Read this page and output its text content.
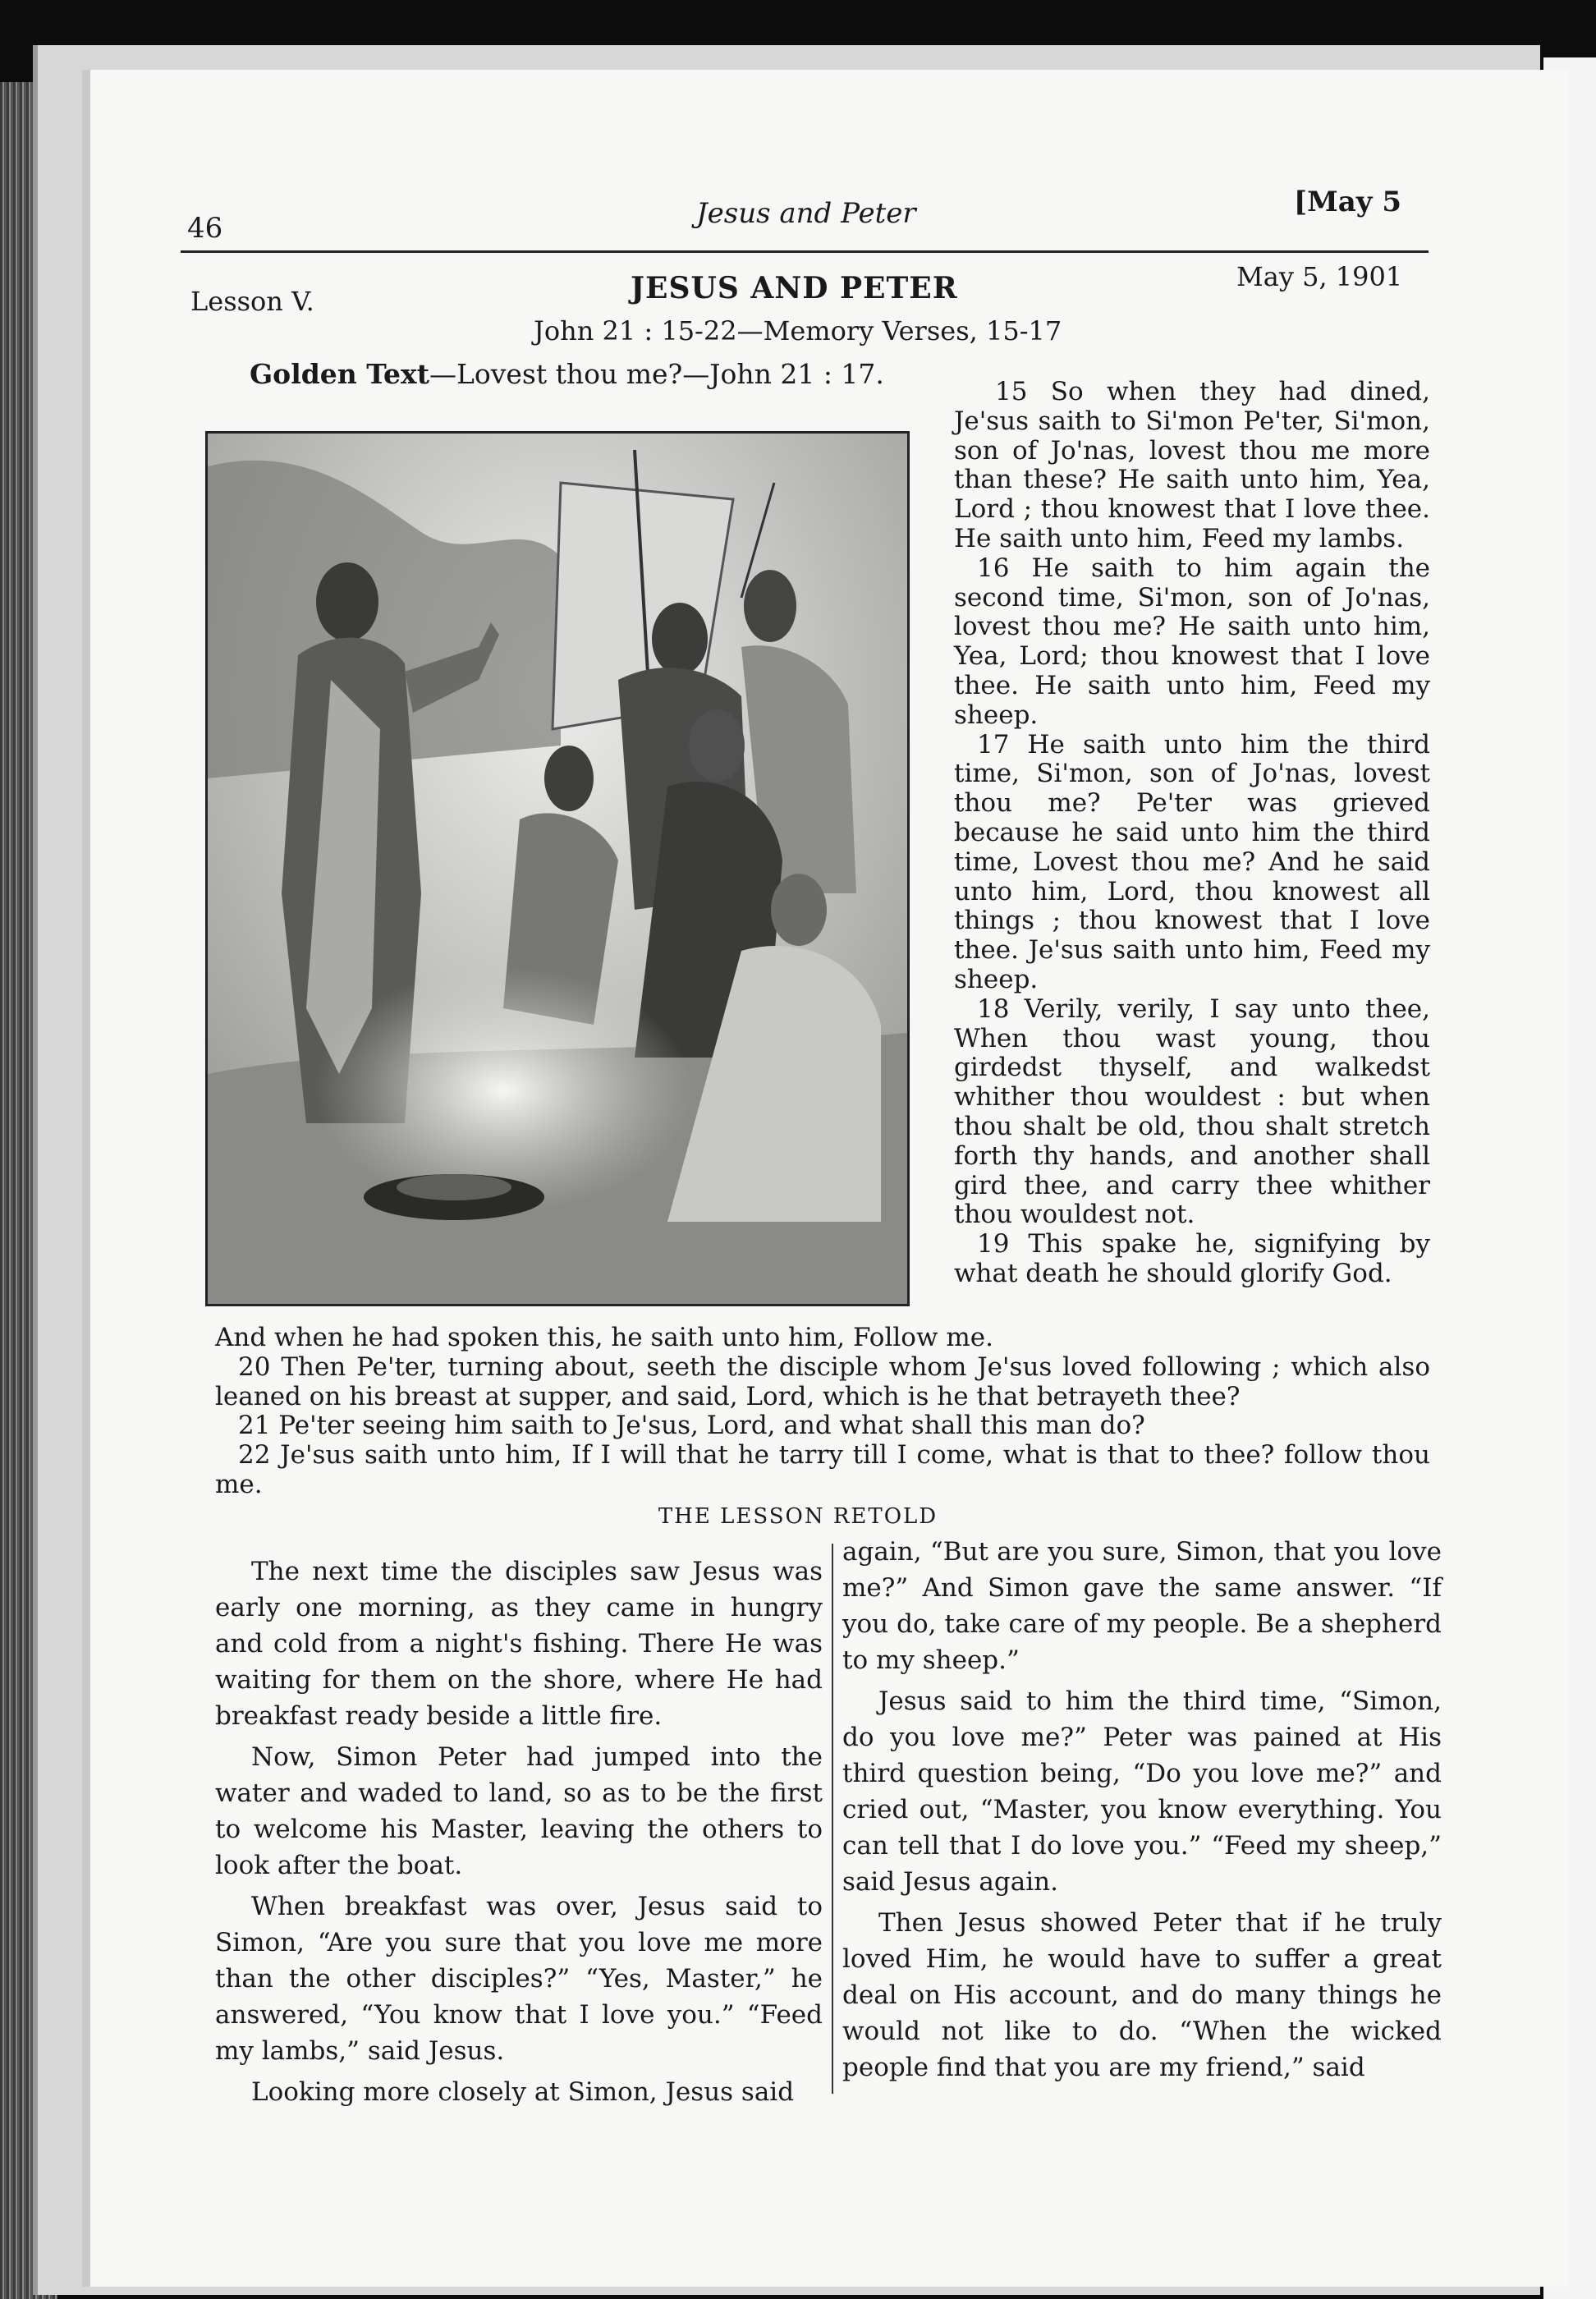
46	Jesus and Peter	[May 5
Lesson V.	JESUS AND PETER	May 5, 1901
John 21 : 15-22—Memory Verses, 15-17
Golden Text—Lovest thou me?—John 21 : 17.

15 So when they had dined, Je'sus saith to Si'mon Pe'ter, Si'mon, son of Jo'nas, lovest thou me more than these? He saith unto him, Yea, Lord ; thou knowest that I love thee. He saith unto him, Feed my lambs.

16 He saith to him again the second time, Si'mon, son of Jo'nas, lovest thou me? He saith unto him, Yea, Lord; thou knowest that I love thee. He saith unto him, Feed my sheep.

17 He saith unto him the third time, Si'mon, son of Jo'nas, lovest thou me? Pe'ter was grieved because he said unto him the third time, Lovest thou me? And he said unto him, Lord, thou knowest all things ; thou knowest that I love thee. Je'sus saith unto him, Feed my sheep.

18 Verily, verily, I say unto thee, When thou wast young, thou girdedst thyself, and walkedst whither thou wouldest : but when thou shalt be old, thou shalt stretch forth thy hands, and another shall gird thee, and carry thee whither thou wouldest not.

19 This spake he, signifying by what death he should glorify God.

And when he had spoken this, he saith unto him, Follow me.

20 Then Pe'ter, turning about, seeth the disciple whom Je'sus loved following ; which also leaned on his breast at supper, and said, Lord, which is he that betrayeth thee?

21 Pe'ter seeing him saith to Je'sus, Lord, and what shall this man do?

22 Je'sus saith unto him, If I will that he tarry till I come, what is that to thee? follow thou me.

THE LESSON RETOLD

The next time the disciples saw Jesus was early one morning, as they came in hungry and cold from a night's fishing. There He was waiting for them on the shore, where He had breakfast ready beside a little fire.

Now, Simon Peter had jumped into the water and waded to land, so as to be the first to welcome his Master, leaving the others to look after the boat.

When breakfast was over, Jesus said to Simon, “Are you sure that you love me more than the other disciples?” “Yes, Master,” he answered, “You know that I love you.” “Feed my lambs,” said Jesus.

Looking more closely at Simon, Jesus said

again, “But are you sure, Simon, that you love me?” And Simon gave the same answer. “If you do, take care of my people. Be a shepherd to my sheep.”

Jesus said to him the third time, “Simon, do you love me?” Peter was pained at His third question being, “Do you love me?” and cried out, “Master, you know everything. You can tell that I do love you.” “Feed my sheep,” said Jesus again.

Then Jesus showed Peter that if he truly loved Him, he would have to suffer a great deal on His account, and do many things he would not like to do. “When the wicked people find that you are my friend,” said
